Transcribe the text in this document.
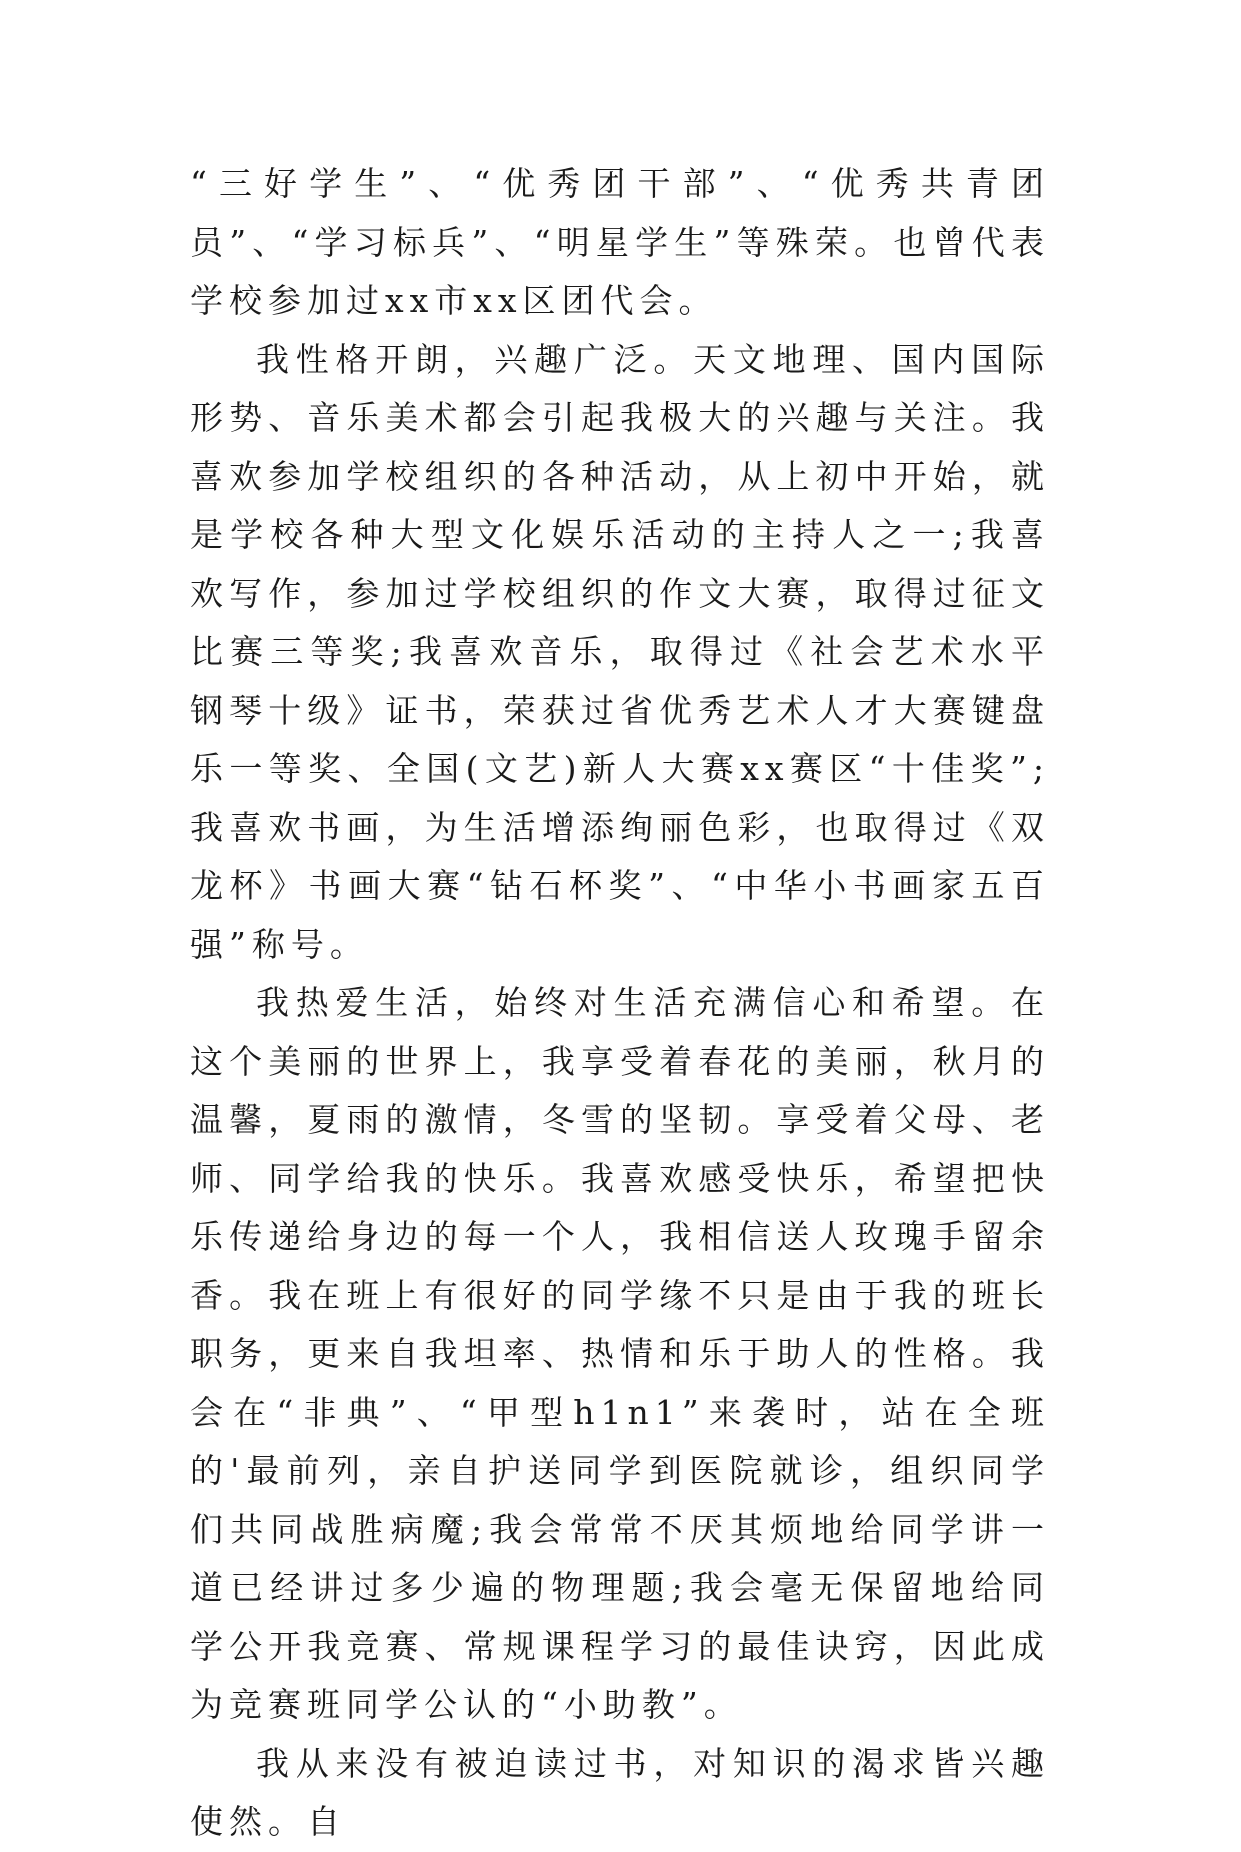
“三好学生”、“优秀团干部”、“优秀共青团员”、“学习标兵”、“明星学生”等殊荣。也曾代表学校参加过xx市xx区团代会。

我性格开朗，兴趣广泛。天文地理、国内国际形势、音乐美术都会引起我极大的兴趣与关注。我喜欢参加学校组织的各种活动，从上初中开始，就是学校各种大型文化娱乐活动的主持人之一;我喜欢写作，参加过学校组织的作文大赛，取得过征文比赛三等奖;我喜欢音乐，取得过《社会艺术水平钢琴十级》证书，荣获过省优秀艺术人才大赛键盘乐一等奖、全国(文艺)新人大赛xx赛区“十佳奖”;我喜欢书画，为生活增添绚丽色彩，也取得过《双龙杯》书画大赛“钻石杯奖”、“中华小书画家五百强”称号。

我热爱生活，始终对生活充满信心和希望。在这个美丽的世界上，我享受着春花的美丽，秋月的温馨，夏雨的激情，冬雪的坚韧。享受着父母、老师、同学给我的快乐。我喜欢感受快乐，希望把快乐传递给身边的每一个人，我相信送人玫瑰手留余香。我在班上有很好的同学缘不只是由于我的班长职务，更来自我坦率、热情和乐于助人的性格。我会在“非典”、“甲型h1n1”来袭时，站在全班的'最前列，亲自护送同学到医院就诊，组织同学们共同战胜病魔;我会常常不厌其烦地给同学讲一道已经讲过多少遍的物理题;我会毫无保留地给同学公开我竞赛、常规课程学习的最佳诀窍，因此成为竞赛班同学公认的“小助教”。

我从来没有被迫读过书，对知识的渴求皆兴趣使然。自
